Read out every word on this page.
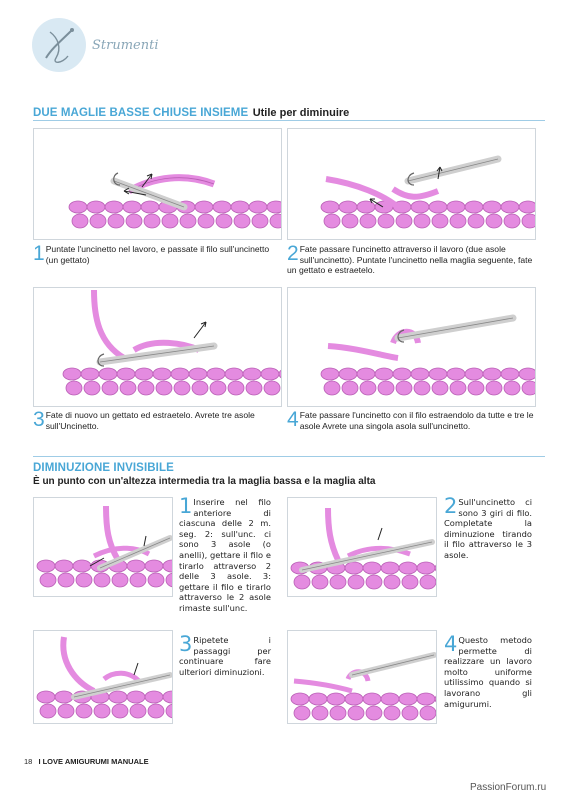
Strumenti
DUE MAGLIE BASSE CHIUSE INSIEME Utile per diminuire
1 Puntate l'uncinetto nel lavoro, e passate il filo sull'uncinetto (un gettato)	2 Fate passare l'uncinetto attraverso il lavoro (due asole sull'uncinetto). Puntate l'uncinetto nella maglia seguente, fate un gettato e estraetelo.
3 Fate di nuovo un gettato ed estraetelo. Avrete tre asole sull'Uncinetto.	4 Fate passare l'uncinetto con il filo estraendolo da tutte e tre le asole Avrete una singola asola sull'uncinetto.
DIMINUZIONE INVISIBILE
È un punto con un'altezza intermedia tra la maglia bassa e la maglia alta
1 Inserire nel filo anteriore di ciascuna delle 2 m. seg. 2: sull'unc. ci sono 3 asole (o anelli), gettare il filo e tirarlo attraverso 2 delle 3 asole. 3: gettare il filo e tirarlo attraverso le 2 asole rimaste sull'unc.
2 Sull'uncinetto ci sono 3 giri di filo. Completate la diminuzione tirando il filo attraverso le 3 asole.
3 Ripetete i passaggi per continuare fare ulteriori diminuzioni.
4 Questo metodo permette di realizzare un lavoro molto uniforme utilissimo quando si lavorano gli amigurumi.
18 I LOVE AMIGURUMI MANUALE
PassionForum.ru
